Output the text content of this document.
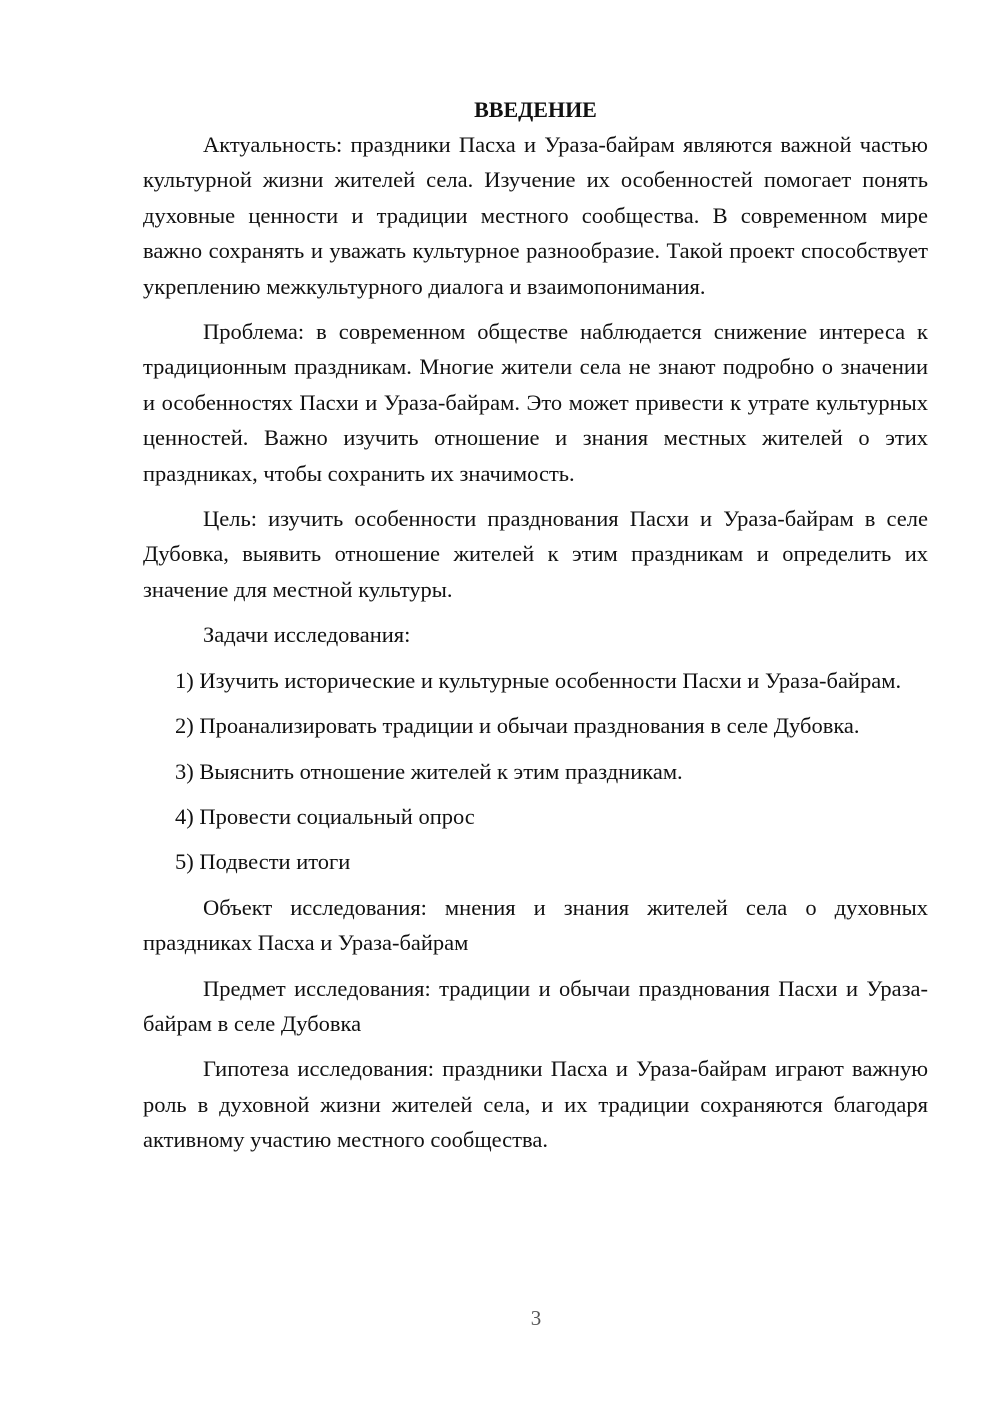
ВВЕДЕНИЕ

Актуальность: праздники Пасха и Ураза-байрам являются важной частью культурной жизни жителей села. Изучение их особенностей помогает понять духовные ценности и традиции местного сообщества. В современном мире важно сохранять и уважать культурное разнообразие. Такой проект способствует укреплению межкультурного диалога и взаимопонимания.

Проблема: в современном обществе наблюдается снижение интереса к традиционным праздникам. Многие жители села не знают подробно о значении и особенностях Пасхи и Ураза-байрам. Это может привести к утрате культурных ценностей. Важно изучить отношение и знания местных жителей о этих праздниках, чтобы сохранить их значимость.

Цель: изучить особенности празднования Пасхи и Ураза-байрам в селе Дубовка, выявить отношение жителей к этим праздникам и определить их значение для местной культуры.

Задачи исследования:

1) Изучить исторические и культурные особенности Пасхи и Ураза-байрам.

2) Проанализировать традиции и обычаи празднования в селе Дубовка.

3) Выяснить отношение жителей к этим праздникам.

4) Провести социальный опрос

5) Подвести итоги

Объект исследования: мнения и знания жителей села о духовных праздниках Пасха и Ураза-байрам

Предмет исследования: традиции и обычаи празднования Пасхи и Ураза-байрам в селе Дубовка

Гипотеза исследования: праздники Пасха и Ураза-байрам играют важную роль в духовной жизни жителей села, и их традиции сохраняются благодаря активному участию местного сообщества.

3
